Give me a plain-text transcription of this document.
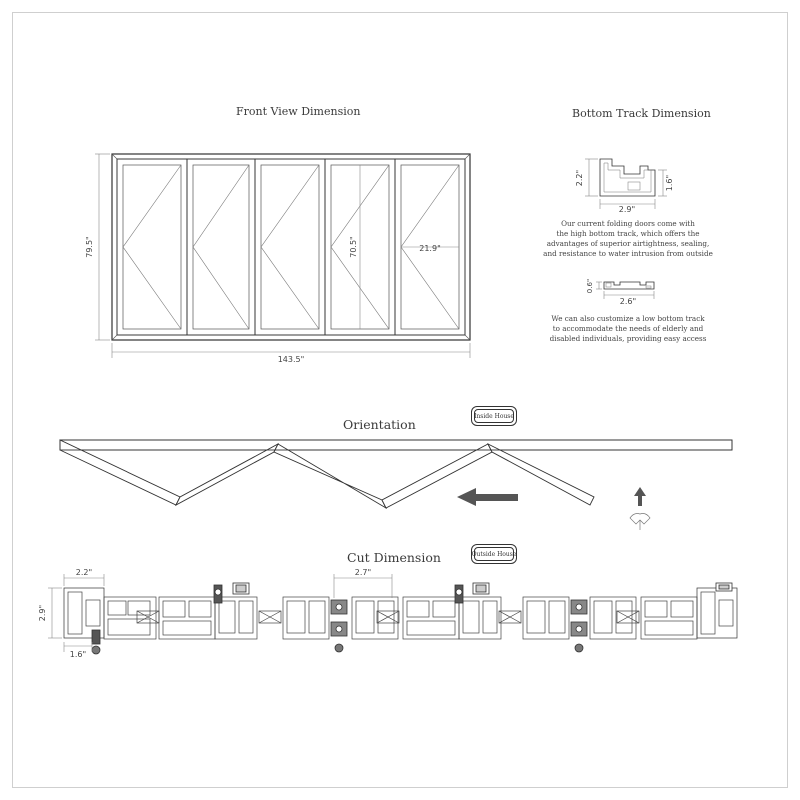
Front View Dimension	Bottom Track Dimension
Orientation
Cut Dimension
79.5"	70.5"
143.5"
21.9"
2.2"	1.6"
2.9"
0.6"
2.6"
2.2"
2.9"
1.6"
2.7"
Our current folding doors come with
the high bottom track, which offers the
advantages of superior airtightness, sealing,
and resistance to water intrusion from outside
We can also customize a low bottom track
to accommodate the needs of elderly and
disabled individuals, providing easy access
Inside House
Outside House
